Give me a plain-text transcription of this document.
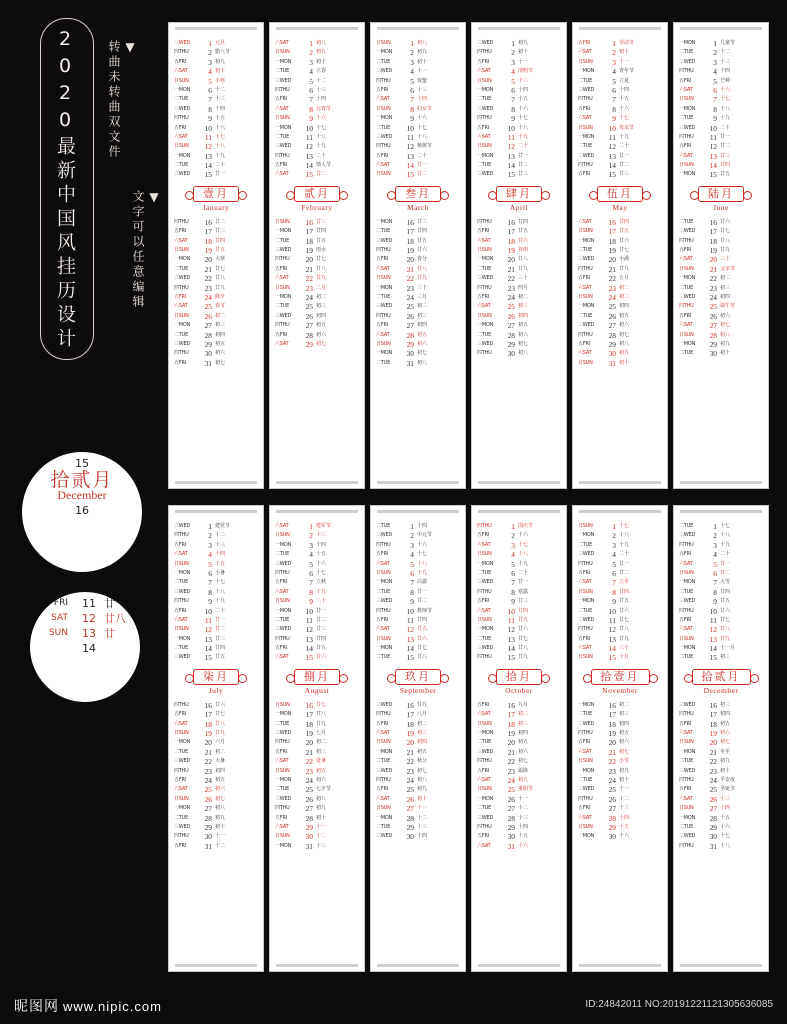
2020最新中国风挂历设计	▼
转曲未转曲双文件
▼
文字可以任意编辑
15
拾贰月
December
16
FRI	11 廿
SAT	12 廿八
SUN	13 廿
14
三WED	1 元旦
四THU	2 腊八节
五FRI	3 初九
六SAT	4 初十
日SUN	5 小寒
一MON	6 十二
二TUE	7 十三
三WED	8 十四
四THU	9 十五
五FRI	10 十六
六SAT	11 十七
日SUN	12 十八
一MON	13 十九
二TUE	14 二十
三WED	15 廿一
壹月
January
四THU	16 廿二
五FRI	17 廿三
六SAT	18 廿四
日SUN	19 廿五
一MON	20 大寒
二TUE	21 廿七
三WED	22 廿八
四THU	23 廿九
五FRI	24 除夕
六SAT	25 春节
日SUN	26 初二
一MON	27 初三
二TUE	28 初四
三WED	29 初五
四THU	30 初六
五FRI	31 初七
六SAT	1 初八
日SUN	2 初九
一MON	3 初十
二TUE	4 立春
三WED	5 十二
四THU	6 十三
五FRI	7 十四
六SAT	8 元宵节
日SUN	9 十六
一MON	10 十七
二TUE	11 十八
三WED	12 十九
四THU	13 二十
五FRI	14 情人节
六SAT	15 廿二
贰月
February
日SUN	16 廿三
一MON	17 廿四
二TUE	18 廿五
三WED	19 雨水
四THU	20 廿七
五FRI	21 廿八
六SAT	22 廿九
日SUN	23 二月
一MON	24 初二
二TUE	25 初三
三WED	26 初四
四THU	27 初五
五FRI	28 初六
六SAT	29 初七
日SUN	1 初八
一MON	2 初九
二TUE	3 初十
三WED	4 十一
四THU	5 惊蛰
五FRI	6 十三
六SAT	7 十四
日SUN	8 妇女节
一MON	9 十六
二TUE	10 十七
三WED	11 十八
四THU	12 植树节
五FRI	13 二十
六SAT	14 廿一
日SUN	15 廿二
叁月
March
一MON	16 廿三
二TUE	17 廿四
三WED	18 廿五
四THU	19 廿六
五FRI	20 春分
六SAT	21 廿八
日SUN	22 廿九
一MON	23 三十
二TUE	24 三月
三WED	25 初二
四THU	26 初三
五FRI	27 初四
六SAT	28 初五
日SUN	29 初六
一MON	30 初七
二TUE	31 初八
三WED	1 初九
四THU	2 初十
五FRI	3 十一
六SAT	4 清明节
日SUN	5 十三
一MON	6 十四
二TUE	7 十五
三WED	8 十六
四THU	9 十七
五FRI	10 十八
六SAT	11 十九
日SUN	12 二十
一MON	13 廿一
二TUE	14 廿二
三WED	15 廿三
肆月
April
四THU	16 廿四
五FRI	17 廿五
六SAT	18 廿六
日SUN	19 谷雨
一MON	20 廿八
二TUE	21 廿九
三WED	22 三十
四THU	23 四月
五FRI	24 初二
六SAT	25 初三
日SUN	26 初四
一MON	27 初五
二TUE	28 初六
三WED	29 初七
四THU	30 初八
五FRI	1 劳动节
六SAT	2 初十
日SUN	3 十一
一MON	4 青年节
二TUE	5 立夏
三WED	6 十四
四THU	7 十五
五FRI	8 十六
六SAT	9 十七
日SUN	10 母亲节
一MON	11 十九
二TUE	12 二十
三WED	13 廿一
四THU	14 廿二
五FRI	15 廿三
伍月
May
六SAT	16 廿四
日SUN	17 廿五
一MON	18 廿六
二TUE	19 廿七
三WED	20 小满
四THU	21 廿九
五FRI	22 五月
六SAT	23 初二
日SUN	24 初三
一MON	25 初四
二TUE	26 初五
三WED	27 初六
四THU	28 初七
五FRI	29 初八
六SAT	30 初九
日SUN	31 初十
一MON	1 儿童节
二TUE	2 十二
三WED	3 十三
四THU	4 十四
五FRI	5 芒种
六SAT	6 十六
日SUN	7 十七
一MON	8 十八
二TUE	9 十九
三WED	10 二十
四THU	11 廿一
五FRI	12 廿二
六SAT	13 廿三
日SUN	14 廿四
一MON	15 廿五
陆月
June
二TUE	16 廿六
三WED	17 廿七
四THU	18 廿八
五FRI	19 廿九
六SAT	20 三十
日SUN	21 父亲节
一MON	22 初二
二TUE	23 初三
三WED	24 初四
四THU	25 端午节
五FRI	26 初六
六SAT	27 初七
日SUN	28 初八
一MON	29 初九
二TUE	30 初十
三WED	1 建党节
四THU	2 十二
五FRI	3 十三
六SAT	4 十四
日SUN	5 十五
一MON	6 小暑
二TUE	7 十七
三WED	8 十八
四THU	9 十九
五FRI	10 二十
六SAT	11 廿一
日SUN	12 廿二
一MON	13 廿三
二TUE	14 廿四
三WED	15 廿五
柒月
July
四THU	16 廿六
五FRI	17 廿七
六SAT	18 廿八
日SUN	19 廿九
一MON	20 六月
二TUE	21 初二
三WED	22 大暑
四THU	23 初四
五FRI	24 初五
六SAT	25 初六
日SUN	26 初七
一MON	27 初八
二TUE	28 初九
三WED	29 初十
四THU	30 十一
五FRI	31 十二
六SAT	1 建军节
日SUN	2 十三
一MON	3 十四
二TUE	4 十五
三WED	5 十六
四THU	6 十七
五FRI	7 立秋
六SAT	8 十九
日SUN	9 二十
一MON	10 廿一
二TUE	11 廿二
三WED	12 廿三
四THU	13 廿四
五FRI	14 廿五
六SAT	15 廿六
捌月
August
日SUN	16 廿七
一MON	17 廿八
二TUE	18 廿九
三WED	19 七月
四THU	20 初二
五FRI	21 初三
六SAT	22 处暑
日SUN	23 初五
一MON	24 初六
二TUE	25 七夕节
三WED	26 初八
四THU	27 初九
五FRI	28 初十
六SAT	29 十一
日SUN	30 十二
一MON	31 十三
二TUE	1 十四
三WED	2 中元节
四THU	3 十六
五FRI	4 十七
六SAT	5 十八
日SUN	6 十九
一MON	7 白露
二TUE	8 廿一
三WED	9 廿二
四THU	10 教师节
五FRI	11 廿四
六SAT	12 廿五
日SUN	13 廿六
一MON	14 廿七
二TUE	15 廿八
玖月
September
三WED	16 廿九
四THU	17 八月
五FRI	18 初二
六SAT	19 初三
日SUN	20 初四
一MON	21 初五
二TUE	22 秋分
三WED	23 初七
四THU	24 初八
五FRI	25 初九
六SAT	26 初十
日SUN	27 十一
一MON	28 十二
二TUE	29 十三
三WED	30 十四
四THU	1 国庆节
五FRI	2 十六
六SAT	3 十七
日SUN	4 十八
一MON	5 十九
二TUE	6 二十
三WED	7 廿一
四THU	8 寒露
五FRI	9 廿三
六SAT	10 廿四
日SUN	11 廿五
一MON	12 廿六
二TUE	13 廿七
三WED	14 廿八
四THU	15 廿九
拾月
October
五FRI	16 九月
六SAT	17 初二
日SUN	18 初三
一MON	19 初四
二TUE	20 初五
三WED	21 初六
四THU	22 初七
五FRI	23 霜降
六SAT	24 初九
日SUN	25 重阳节
一MON	26 十一
二TUE	27 十二
三WED	28 十三
四THU	29 十四
五FRI	30 十五
六SAT	31 十六
日SUN	1 十七
一MON	2 十八
二TUE	3 十九
三WED	4 二十
四THU	5 廿一
五FRI	6 廿二
六SAT	7 立冬
日SUN	8 廿四
一MON	9 廿五
二TUE	10 廿六
三WED	11 廿七
四THU	12 廿八
五FRI	13 廿九
六SAT	14 三十
日SUN	15 十月
拾壹月
November
一MON	16 初二
二TUE	17 初三
三WED	18 初四
四THU	19 初五
五FRI	20 初六
六SAT	21 初七
日SUN	22 小雪
一MON	23 初九
二TUE	24 初十
三WED	25 十一
四THU	26 十二
五FRI	27 十三
六SAT	28 十四
日SUN	29 十五
一MON	30 十六
二TUE	1 十七
三WED	2 十八
四THU	3 十九
五FRI	4 二十
六SAT	5 廿一
日SUN	6 廿二
一MON	7 大雪
二TUE	8 廿四
三WED	9 廿五
四THU	10 廿六
五FRI	11 廿七
六SAT	12 廿八
日SUN	13 廿九
一MON	14 十一月
二TUE	15 初二
拾贰月
December
三WED	16 初三
四THU	17 初四
五FRI	18 初五
六SAT	19 初六
日SUN	20 初七
一MON	21 冬至
二TUE	22 初九
三WED	23 初十
四THU	24 平安夜
五FRI	25 圣诞节
六SAT	26 十三
日SUN	27 十四
一MON	28 十五
二TUE	29 十六
三WED	30 十七
四THU	31 十八
昵图网 www.nipic.com	ID:24842011 NO:20191221121305636085
